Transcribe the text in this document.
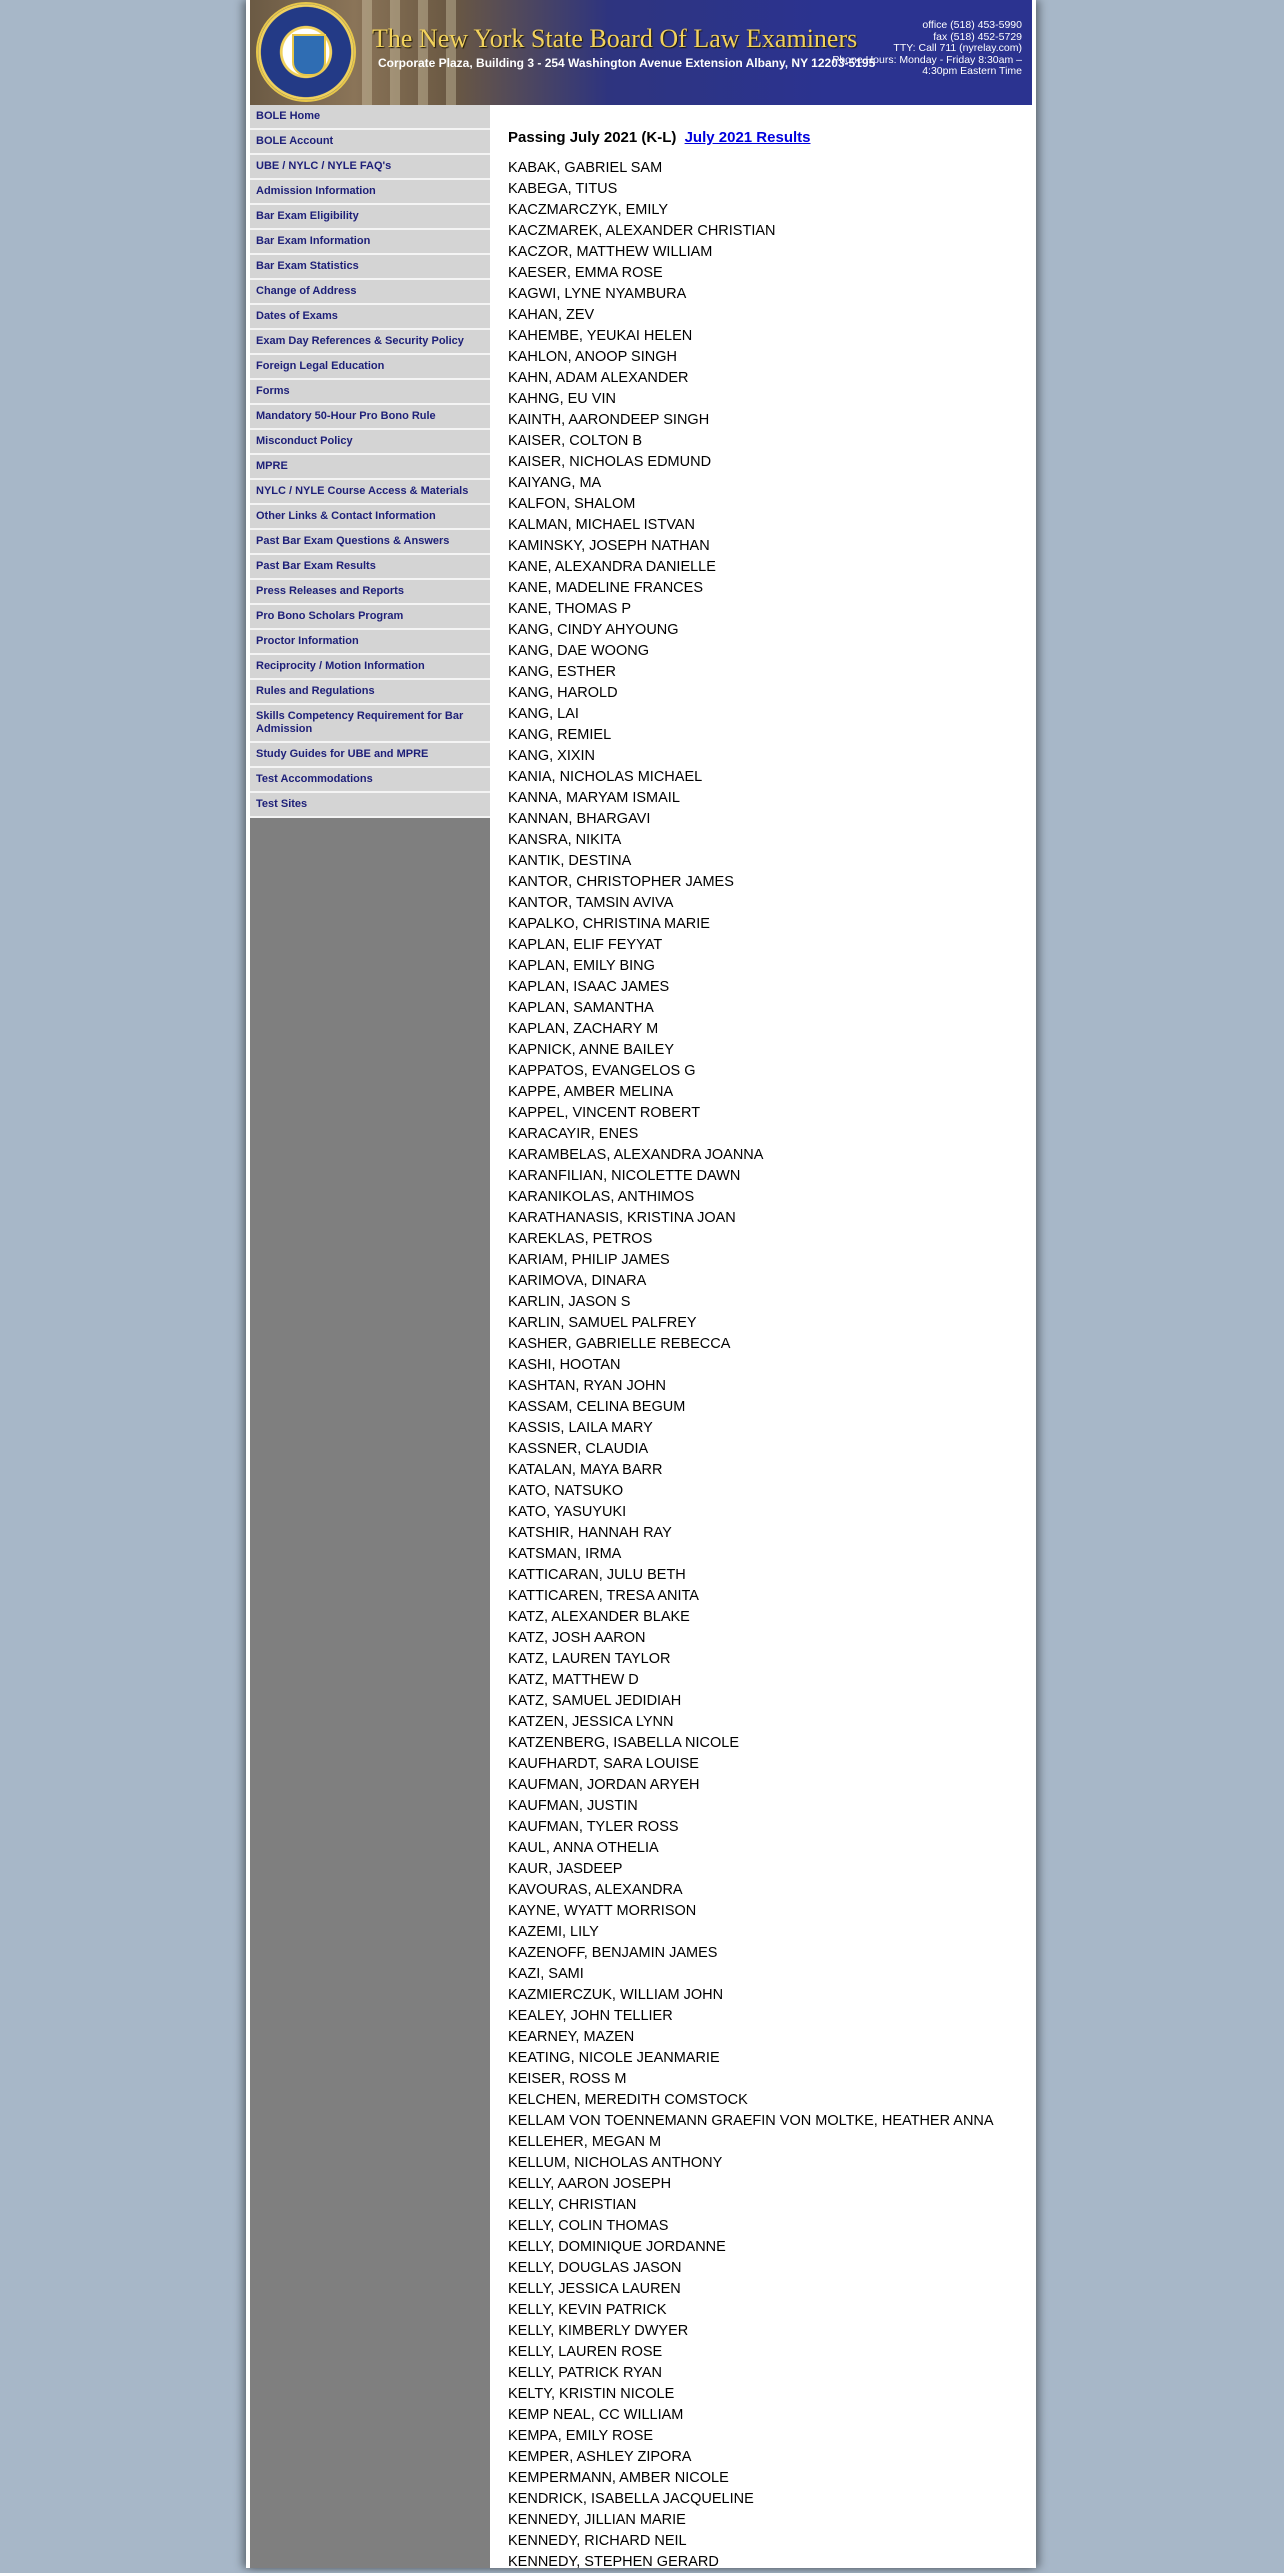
The New York State Board Of Law Examiners
Corporate Plaza, Building 3 - 254 Washington Avenue Extension Albany, NY 12203-5195
office (518) 453-5990
fax (518) 452-5729
TTY: Call 711 (nyrelay.com)
Phone Hours: Monday - Friday 8:30am –
4:30pm Eastern Time
BOLE Home
BOLE Account
UBE / NYLC / NYLE FAQ's
Admission Information
Bar Exam Eligibility
Bar Exam Information
Bar Exam Statistics
Change of Address
Dates of Exams
Exam Day References & Security Policy
Foreign Legal Education
Forms
Mandatory 50-Hour Pro Bono Rule
Misconduct Policy
MPRE
NYLC / NYLE Course Access & Materials
Other Links & Contact Information
Past Bar Exam Questions & Answers
Past Bar Exam Results
Press Releases and Reports
Pro Bono Scholars Program
Proctor Information
Reciprocity / Motion Information
Rules and Regulations
Skills Competency Requirement for Bar Admission
Study Guides for UBE and MPRE
Test Accommodations
Test Sites
Passing July 2021 (K-L) July 2021 Results
KABAK, GABRIEL SAM
KABEGA, TITUS
KACZMARCZYK, EMILY
KACZMAREK, ALEXANDER CHRISTIAN
KACZOR, MATTHEW WILLIAM
KAESER, EMMA ROSE
KAGWI, LYNE NYAMBURA
KAHAN, ZEV
KAHEMBE, YEUKAI HELEN
KAHLON, ANOOP SINGH
KAHN, ADAM ALEXANDER
KAHNG, EU VIN
KAINTH, AARONDEEP SINGH
KAISER, COLTON B
KAISER, NICHOLAS EDMUND
KAIYANG, MA
KALFON, SHALOM
KALMAN, MICHAEL ISTVAN
KAMINSKY, JOSEPH NATHAN
KANE, ALEXANDRA DANIELLE
KANE, MADELINE FRANCES
KANE, THOMAS P
KANG, CINDY AHYOUNG
KANG, DAE WOONG
KANG, ESTHER
KANG, HAROLD
KANG, LAI
KANG, REMIEL
KANG, XIXIN
KANIA, NICHOLAS MICHAEL
KANNA, MARYAM ISMAIL
KANNAN, BHARGAVI
KANSRA, NIKITA
KANTIK, DESTINA
KANTOR, CHRISTOPHER JAMES
KANTOR, TAMSIN AVIVA
KAPALKO, CHRISTINA MARIE
KAPLAN, ELIF FEYYAT
KAPLAN, EMILY BING
KAPLAN, ISAAC JAMES
KAPLAN, SAMANTHA
KAPLAN, ZACHARY M
KAPNICK, ANNE BAILEY
KAPPATOS, EVANGELOS G
KAPPE, AMBER MELINA
KAPPEL, VINCENT ROBERT
KARACAYIR, ENES
KARAMBELAS, ALEXANDRA JOANNA
KARANFILIAN, NICOLETTE DAWN
KARANIKOLAS, ANTHIMOS
KARATHANASIS, KRISTINA JOAN
KAREKLAS, PETROS
KARIAM, PHILIP JAMES
KARIMOVA, DINARA
KARLIN, JASON S
KARLIN, SAMUEL PALFREY
KASHER, GABRIELLE REBECCA
KASHI, HOOTAN
KASHTAN, RYAN JOHN
KASSAM, CELINA BEGUM
KASSIS, LAILA MARY
KASSNER, CLAUDIA
KATALAN, MAYA BARR
KATO, NATSUKO
KATO, YASUYUKI
KATSHIR, HANNAH RAY
KATSMAN, IRMA
KATTICARAN, JULU BETH
KATTICAREN, TRESA ANITA
KATZ, ALEXANDER BLAKE
KATZ, JOSH AARON
KATZ, LAUREN TAYLOR
KATZ, MATTHEW D
KATZ, SAMUEL JEDIDIAH
KATZEN, JESSICA LYNN
KATZENBERG, ISABELLA NICOLE
KAUFHARDT, SARA LOUISE
KAUFMAN, JORDAN ARYEH
KAUFMAN, JUSTIN
KAUFMAN, TYLER ROSS
KAUL, ANNA OTHELIA
KAUR, JASDEEP
KAVOURAS, ALEXANDRA
KAYNE, WYATT MORRISON
KAZEMI, LILY
KAZENOFF, BENJAMIN JAMES
KAZI, SAMI
KAZMIERCZUK, WILLIAM JOHN
KEALEY, JOHN TELLIER
KEARNEY, MAZEN
KEATING, NICOLE JEANMARIE
KEISER, ROSS M
KELCHEN, MEREDITH COMSTOCK
KELLAM VON TOENNEMANN GRAEFIN VON MOLTKE, HEATHER ANNA
KELLEHER, MEGAN M
KELLUM, NICHOLAS ANTHONY
KELLY, AARON JOSEPH
KELLY, CHRISTIAN
KELLY, COLIN THOMAS
KELLY, DOMINIQUE JORDANNE
KELLY, DOUGLAS JASON
KELLY, JESSICA LAUREN
KELLY, KEVIN PATRICK
KELLY, KIMBERLY DWYER
KELLY, LAUREN ROSE
KELLY, PATRICK RYAN
KELTY, KRISTIN NICOLE
KEMP NEAL, CC WILLIAM
KEMPA, EMILY ROSE
KEMPER, ASHLEY ZIPORA
KEMPERMANN, AMBER NICOLE
KENDRICK, ISABELLA JACQUELINE
KENNEDY, JILLIAN MARIE
KENNEDY, RICHARD NEIL
KENNEDY, STEPHEN GERARD
